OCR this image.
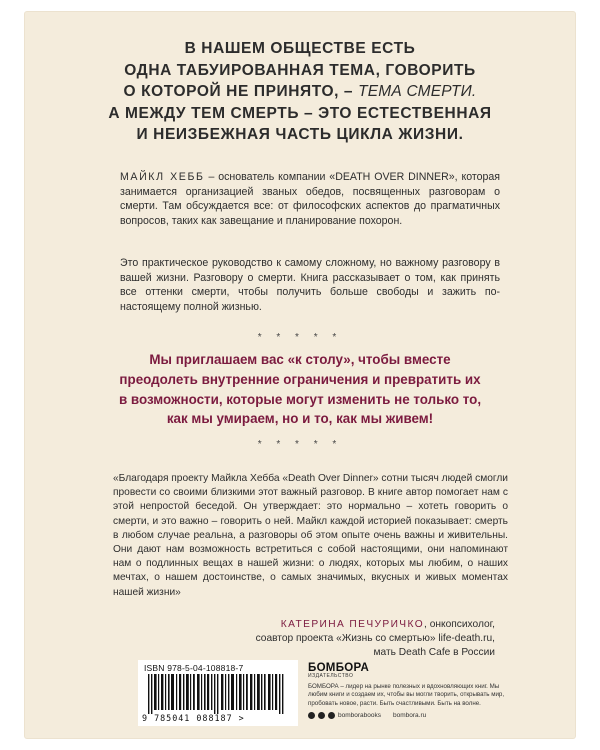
В НАШЕМ ОБЩЕСТВЕ ЕСТЬ
ОДНА ТАБУИРОВАННАЯ ТЕМА, ГОВОРИТЬ
О КОТОРОЙ НЕ ПРИНЯТО, – ТЕМА СМЕРТИ.
А МЕЖДУ ТЕМ СМЕРТЬ – ЭТО ЕСТЕСТВЕННАЯ
И НЕИЗБЕЖНАЯ ЧАСТЬ ЦИКЛА ЖИЗНИ.
МАЙКЛ ХЕББ – основатель компании «DEATH OVER DINNER», которая занимается организацией званых обедов, посвященных разговорам о смерти. Там обсуждается все: от философских аспектов до прагматичных вопросов, таких как завещание и планирование похорон.
Это практическое руководство к самому сложному, но важному разговору в вашей жизни. Разговору о смерти. Книга рассказывает о том, как принять все оттенки смерти, чтобы получить больше свободы и зажить по-настоящему полной жизнью.
* * * * *
Мы приглашаем вас «к столу», чтобы вместе
преодолеть внутренние ограничения и превратить их
в возможности, которые могут изменить не только то,
как мы умираем, но и то, как мы живем!
* * * * *
«Благодаря проекту Майкла Хебба «Death Over Dinner» сотни тысяч людей смогли провести со своими близкими этот важный разговор. В книге автор помогает нам с этой непростой беседой. Он утверждает: это нормально – хотеть говорить о смерти, и это важно – говорить о ней. Майкл каждой историей показывает: смерть в любом случае реальна, а разговоры об этом опыте очень важны и живительны. Они дают нам возможность встретиться с собой настоящими, они напоминают нам о подлинных вещах в нашей жизни: о людях, которых мы любим, о наших мечтах, о нашем достоинстве, о самых значимых, вкусных и живых моментах нашей жизни»
КАТЕРИНА ПЕЧУРИЧКО, онкопсихолог,
соавтор проекта «Жизнь со смертью» life-death.ru,
мать Death Cafe в России
ISBN 978-5-04-108818-7
9 785041 088187 >
БОМБОРА
ИЗДАТЕЛЬСТВО
БОМБОРА – лидер на рынке полезных и вдохновляющих книг. Мы любим книги и создаем их, чтобы вы могли творить, открывать мир, пробовать новое, расти. Быть счастливыми. Быть на волне.
bomborabooks bombora.ru
